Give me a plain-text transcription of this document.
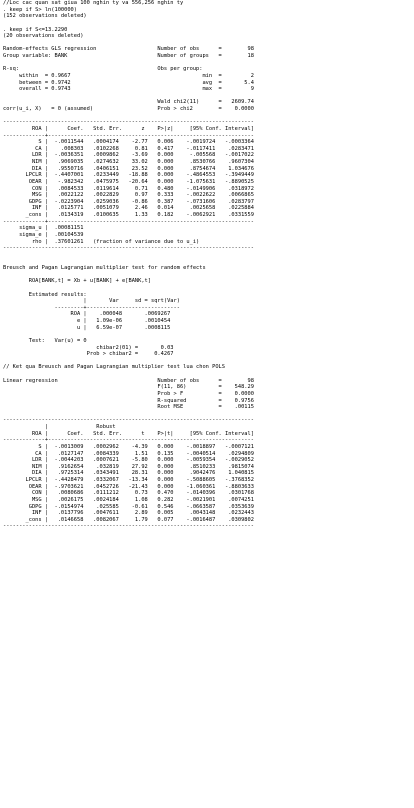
//Loc cac quan sat giua 100 nghin ty va 556,256 nghin ty
. keep if S> ln(100000)
(152 observations deleted)
. keep if S<=13.2290
(20 observations deleted)
Random-effects GLS regression                   Number of obs      =        98
Group variable: BANK                            Number of groups   =        18
R-sq:                                           Obs per group:
within  = 0.9667                                         min  =         2
between = 0.9742                                         avg  =       5.4
overall = 0.9743                                         max  =         9
Wald chi2(11)      =   2609.74
corr(u_i, X)   = 0 (assumed)                    Prob > chi2        =    0.0000
------------------------------------------------------------------------------
ROA |      Coef.   Std. Err.      z    P>|z|     [95% Conf. Interval]
-------------+----------------------------------------------------------------
S |  -.0011544   .0004174    -2.77   0.006    -.0019724   -.0003364
CA |    .008303   .0102268     0.81   0.417    -.0117411    .0283471
LDR |  -.0036351   .0009862    -3.69   0.000     -.005568   -.0017022
NIM |   .9069035   .0274632    33.02   0.000     .8530766    .9607304
DIA |   .9550716   .0406151    23.52   0.000     .8754674    1.034676
LPCLR |  -.4407001   .0233449   -18.88   0.000    -.4864553   -.3949449
OEAR |   -.982342   .0475975   -20.64   0.000    -1.075631   -.8890525
CON |   .0084533   .0119614     0.71   0.480    -.0149906    .0318972
MSG |   .0022122   .0022829     0.97   0.333    -.0022622    .0066865
GDPG |  -.0223904   .0259036    -0.86   0.387    -.0731606    .0283797
INF |   .0125771   .0051079     2.46   0.014     .0025658    .0225884
_cons |   .0134319   .0100635     1.33   0.182    -.0062921    .0331559
-------------+----------------------------------------------------------------
sigma_u |  .00081151
sigma_e |  .00104539
rho |  .37601261   (fraction of variance due to u_i)
------------------------------------------------------------------------------
Breusch and Pagan Lagrangian multiplier test for random effects
ROA[BANK,t] = Xb + u[BANK] + e[BANK,t]
Estimated results:
|       Var     sd = sqrt(Var)
---------+-----------------------------
ROA |    .000048       .0069267
e |   1.09e-06       .0010454
u |   6.59e-07       .0008115
Test:   Var(u) = 0
chibar2(01) =       0.03
Prob > chibar2 =     0.4267
// Ket qua Breusch and Pagan Lagrangian multiplier test lua chon POLS
Linear regression                               Number of obs      =        98
F(11, 86)          =    548.29
Prob > F           =    0.0000
R-squared          =    0.9756
Root MSE           =    .00115
------------------------------------------------------------------------------
|               Robust
ROA |      Coef.   Std. Err.      t    P>|t|     [95% Conf. Interval]
-------------+----------------------------------------------------------------
S |  -.0013009   .0002962    -4.39   0.000    -.0018897   -.0007121
CA |   .0127147   .0084339     1.51   0.135    -.0040514    .0294809
LDR |  -.0044203   .0007621    -5.80   0.000    -.0059354   -.0029052
NIM |   .9162654    .032819    27.92   0.000     .8510233    .9815074
DIA |   .9725314   .0343491    28.31   0.000     .9042476    1.040815
LPCLR |  -.4428479   .0332067   -13.34   0.000    -.5088605   -.3768352
OEAR |  -.9703621   .0452726   -21.43   0.000    -1.060361   -.8803633
CON |   .0080686   .0111212     0.73   0.470    -.0140396    .0301768
MSG |   .0026175   .0024184     1.08   0.282    -.0021901    .0074251
GDPG |  -.0154974    .025585    -0.61   0.546    -.0663587    .0353639
INF |   .0137796   .0047611     2.89   0.005     .0043148    .0232443
_cons |   .0146658   .0082067     1.79   0.077    -.0016487    .0309802
------------------------------------------------------------------------------
